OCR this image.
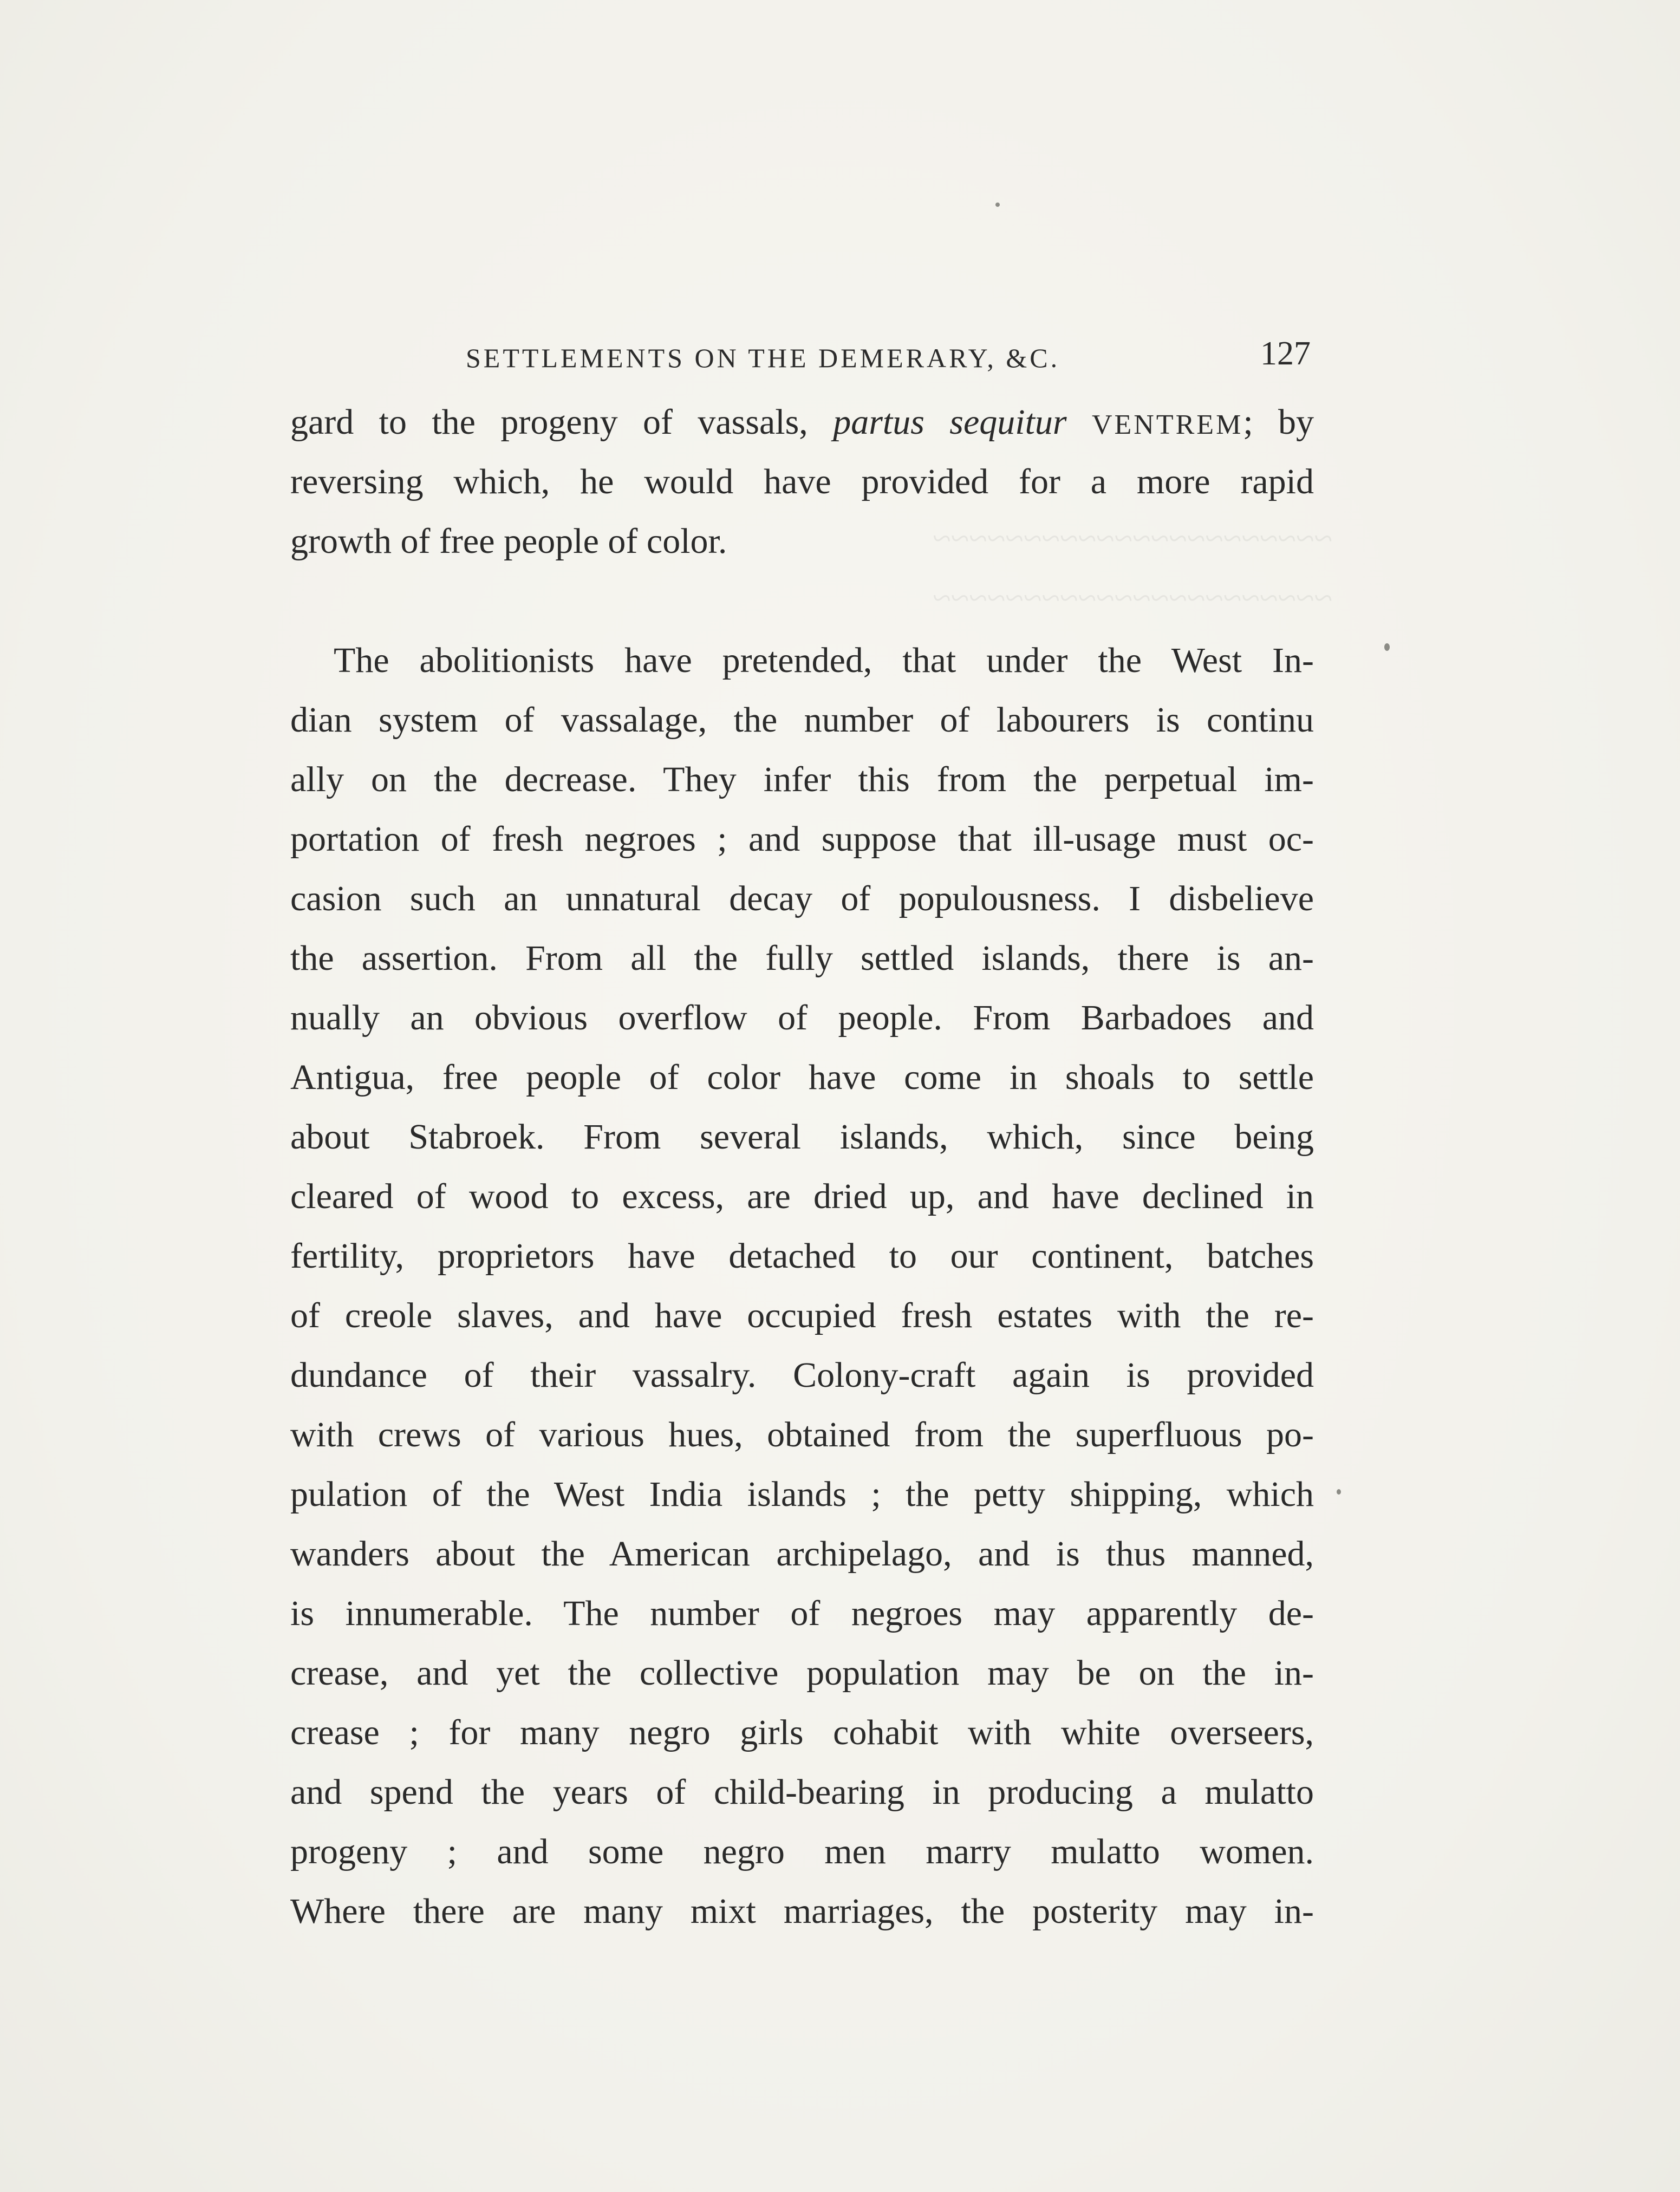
~~~~~~~~~~~~~~~~~~~~~~
~~~~~~~~~~~~~~~~~~~~~~
SETTLEMENTS ON THE DEMERARY, &C.	127
gard to the progeny of vassals, partus sequitur VENTREM; by
reversing which, he would have provided for a more rapid
growth of free people of color.
The abolitionists have pretended, that under the West In-
dian system of vassalage, the number of labourers is continu
ally on the decrease. They infer this from the perpetual im-
portation of fresh negroes ; and suppose that ill-usage must oc-
casion such an unnatural decay of populousness. I disbelieve
the assertion. From all the fully settled islands, there is an-
nually an obvious overflow of people. From Barbadoes and
Antigua, free people of color have come in shoals to settle
about Stabroek. From several islands, which, since being
cleared of wood to excess, are dried up, and have declined in
fertility, proprietors have detached to our continent, batches
of creole slaves, and have occupied fresh estates with the re-
dundance of their vassalry. Colony-craft again is provided
with crews of various hues, obtained from the superfluous po-
pulation of the West India islands ; the petty shipping, which
wanders about the American archipelago, and is thus manned,
is innumerable. The number of negroes may apparently de-
crease, and yet the collective population may be on the in-
crease ; for many negro girls cohabit with white overseers,
and spend the years of child-bearing in producing a mulatto
progeny ; and some negro men marry mulatto women.
Where there are many mixt marriages, the posterity may in-
